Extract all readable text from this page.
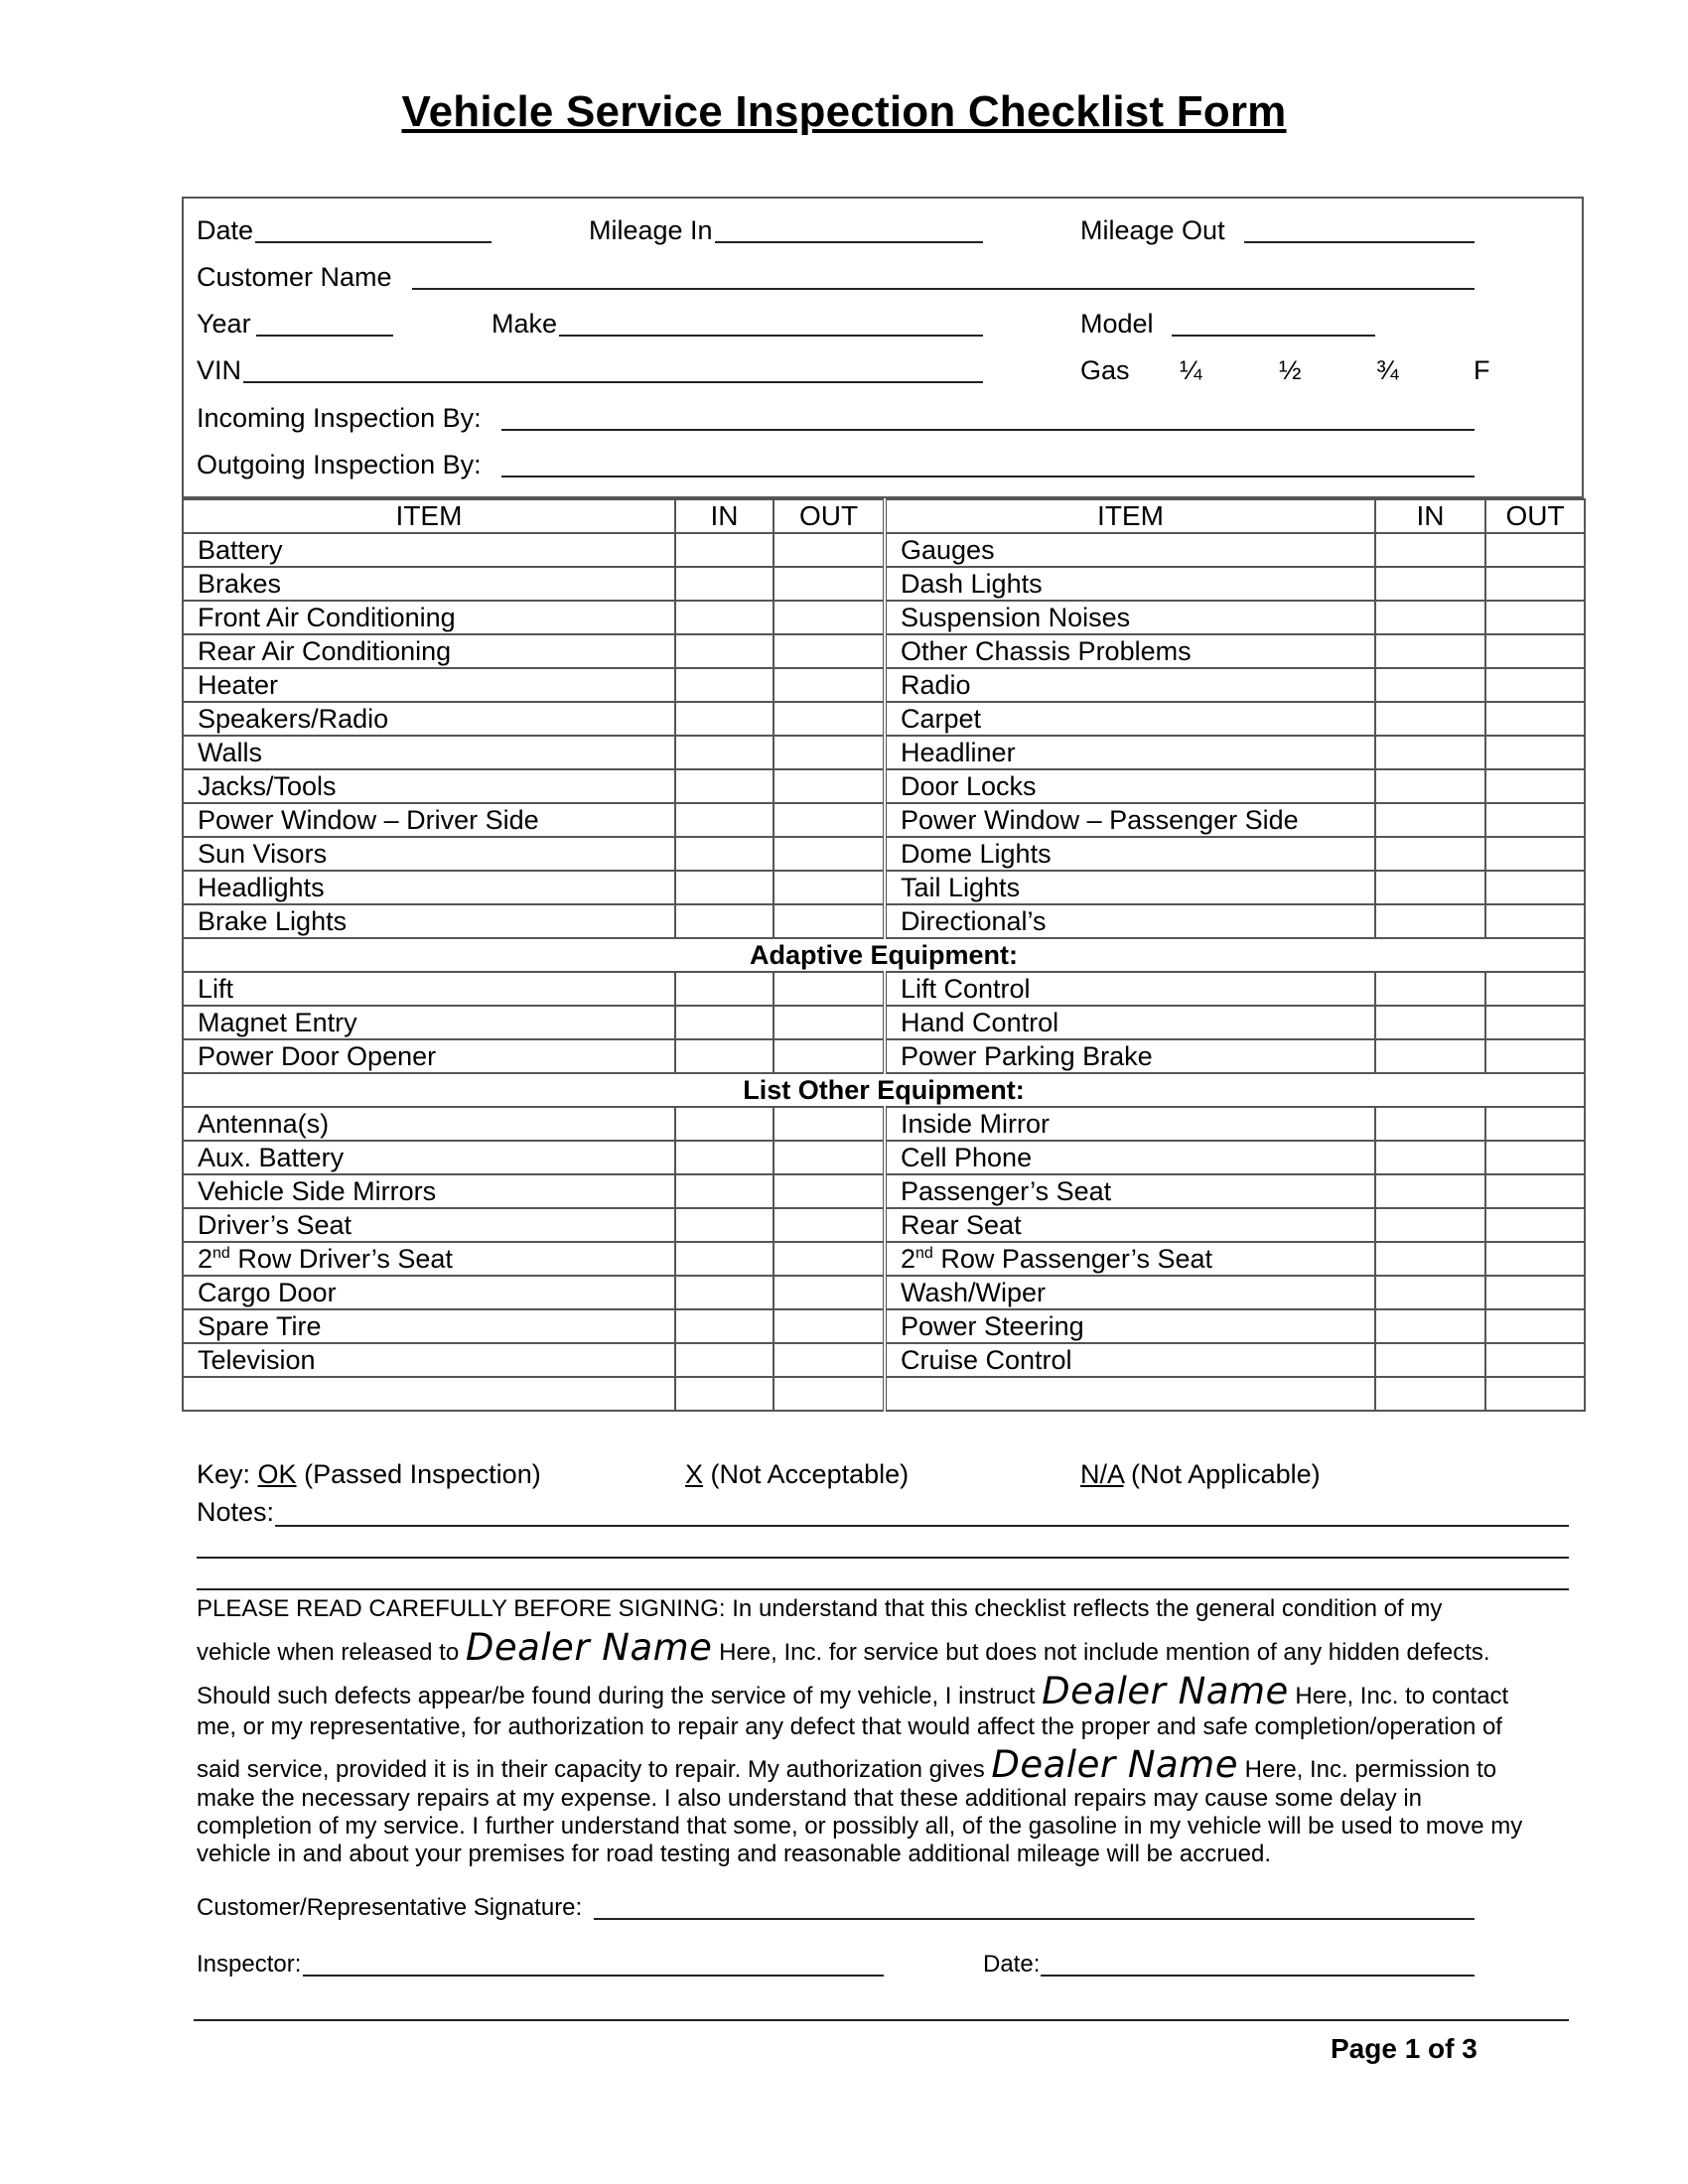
Vehicle Service Inspection Checklist Form
Date	Mileage In	Mileage Out
Customer Name
Year	Make	Model
VIN	Gas ¼	½	¾	F
Incoming Inspection By:
Outgoing Inspection By:
ITEM	IN	OUT	ITEM	IN	OUT
Battery			Gauges		
Brakes			Dash Lights		
Front Air Conditioning			Suspension Noises		
Rear Air Conditioning			Other Chassis Problems		
Heater			Radio		
Speakers/Radio			Carpet		
Walls			Headliner		
Jacks/Tools			Door Locks		
Power Window – Driver Side			Power Window – Passenger Side		
Sun Visors			Dome Lights		
Headlights			Tail Lights		
Brake Lights			Directional’s		
Adaptive Equipment:					
Lift			Lift Control		
Magnet Entry			Hand Control		
Power Door Opener			Power Parking Brake		
List Other Equipment:					
Antenna(s)			Inside Mirror		
Aux. Battery			Cell Phone		
Vehicle Side Mirrors			Passenger’s Seat		
Driver’s Seat			Rear Seat		
2nd Row Driver’s Seat			2nd Row Passenger’s Seat		
Cargo Door			Wash/Wiper		
Spare Tire			Power Steering		
Television			Cruise Control		

Key: OK (Passed Inspection)	X (Not Acceptable)	N/A (Not Applicable)
Notes:
PLEASE READ CAREFULLY BEFORE SIGNING: In understand that this checklist reflects the general condition of my
vehicle when released to Dealer Name Here, Inc. for service but does not include mention of any hidden defects.
Should such defects appear/be found during the service of my vehicle, I instruct Dealer Name Here, Inc. to contact
me, or my representative, for authorization to repair any defect that would affect the proper and safe completion/operation of
said service, provided it is in their capacity to repair. My authorization gives Dealer Name Here, Inc. permission to
make the necessary repairs at my expense. I also understand that these additional repairs may cause some delay in
completion of my service. I further understand that some, or possibly all, of the gasoline in my vehicle will be used to move my
vehicle in and about your premises for road testing and reasonable additional mileage will be accrued.
Customer/Representative Signature:
Inspector:	Date:
Page 1 of 3
